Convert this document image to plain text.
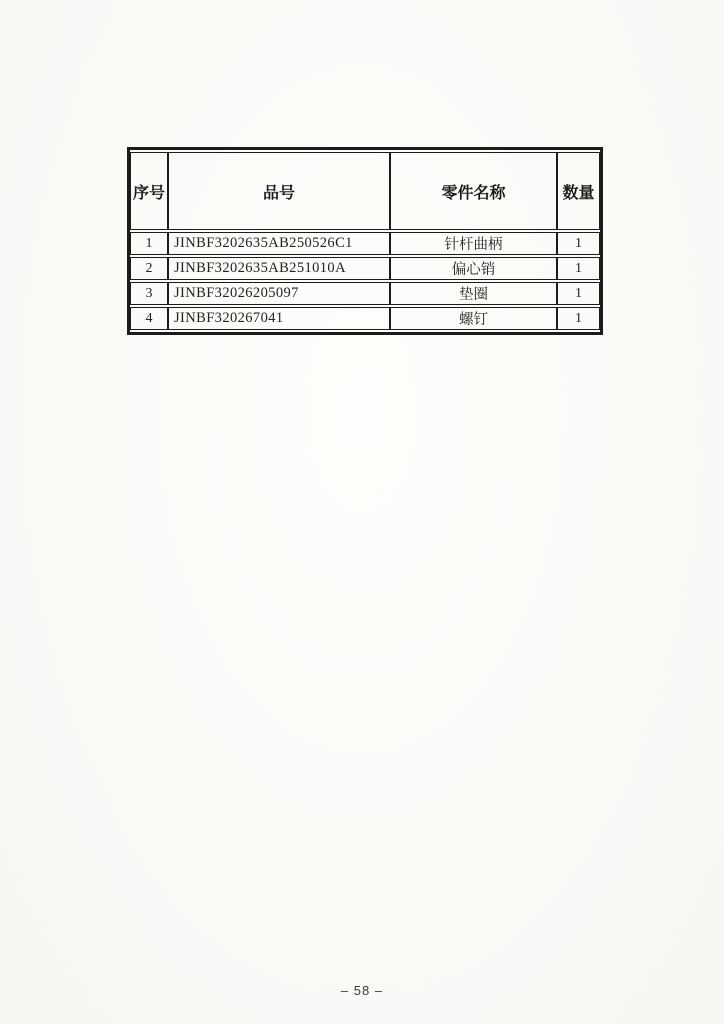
序号	品号	零件名称	数量
1	JINBF3202635AB250526C1	针杆曲柄	1
2	JINBF3202635AB251010A	偏心销	1
3	JINBF32026205097	垫圈	1
4	JINBF320267041	螺钉	1
– 58 –
